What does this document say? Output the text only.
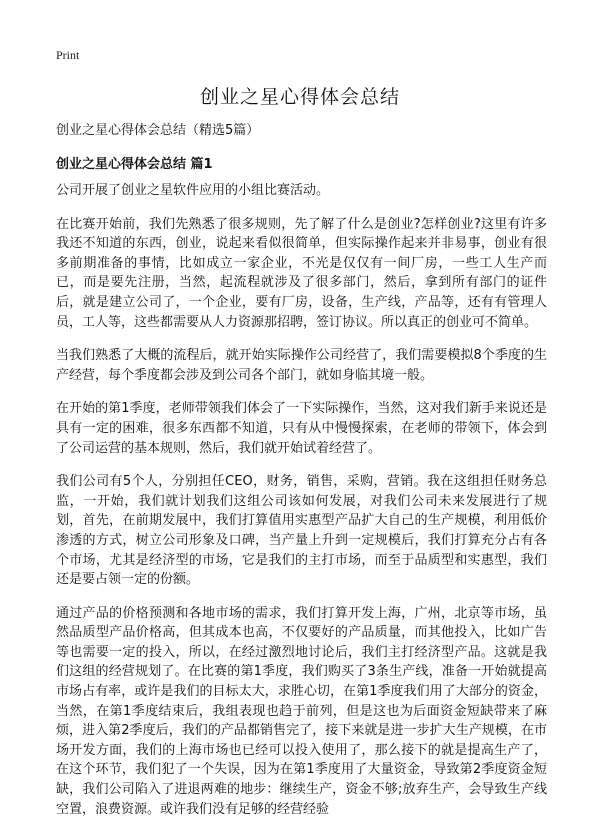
Print
创业之星心得体会总结

创业之星心得体会总结（精选5篇）

创业之星心得体会总结 篇1

公司开展了创业之星软件应用的小组比赛活动。

在比赛开始前，我们先熟悉了很多规则，先了解了什么是创业?怎样创业?这里有许多我还不知道的东西，创业，说起来看似很简单，但实际操作起来并非易事，创业有很多前期准备的事情，比如成立一家企业，不光是仅仅有一间厂房，一些工人生产而已，而是要先注册，当然，起流程就涉及了很多部门，然后，拿到所有部门的证件后，就是建立公司了，一个企业，要有厂房，设备，生产线，产品等，还有有管理人员，工人等，这些都需要从人力资源那招聘，签订协议。所以真正的创业可不简单。

当我们熟悉了大概的流程后，就开始实际操作公司经营了，我们需要模拟8个季度的生产经营，每个季度都会涉及到公司各个部门，就如身临其境一般。

在开始的第1季度，老师带领我们体会了一下实际操作，当然，这对我们新手来说还是具有一定的困难，很多东西都不知道，只有从中慢慢探索，在老师的带领下，体会到了公司运营的基本规则，然后，我们就开始试着经营了。

我们公司有5个人，分别担任CEO，财务，销售，采购，营销。我在这组担任财务总监，一开始，我们就计划我们这组公司该如何发展，对我们公司未来发展进行了规划，首先，在前期发展中，我们打算值用实惠型产品扩大自己的生产规模，利用低价渗透的方式，树立公司形象及口碑，当产量上升到一定规模后，我们打算充分占有各个市场，尤其是经济型的市场，它是我们的主打市场，而至于品质型和实惠型，我们还是要占领一定的份额。

通过产品的价格预测和各地市场的需求，我们打算开发上海，广州，北京等市场，虽然品质型产品价格高，但其成本也高，不仅要好的产品质量，而其他投入，比如广告等也需要一定的投入，所以，在经过激烈地讨论后，我们主打经济型产品。这就是我们这组的经营规划了。在比赛的第1季度，我们购买了3条生产线，准备一开始就提高市场占有率，或许是我们的目标太大，求胜心切，在第1季度我们用了大部分的资金，当然，在第1季度结束后，我组表现也趋于前列，但是这也为后面资金短缺带来了麻烦，进入第2季度后，我们的产品都销售完了，接下来就是进一步扩大生产规模，在市场开发方面，我们的上海市场也已经可以投入使用了，那么接下的就是提高生产了，在这个环节，我们犯了一个失误，因为在第1季度用了大量资金，导致第2季度资金短缺，我们公司陷入了进退两难的地步：继续生产，资金不够;放弃生产，会导致生产线空置，浪费资源。或许我们没有足够的经营经验
